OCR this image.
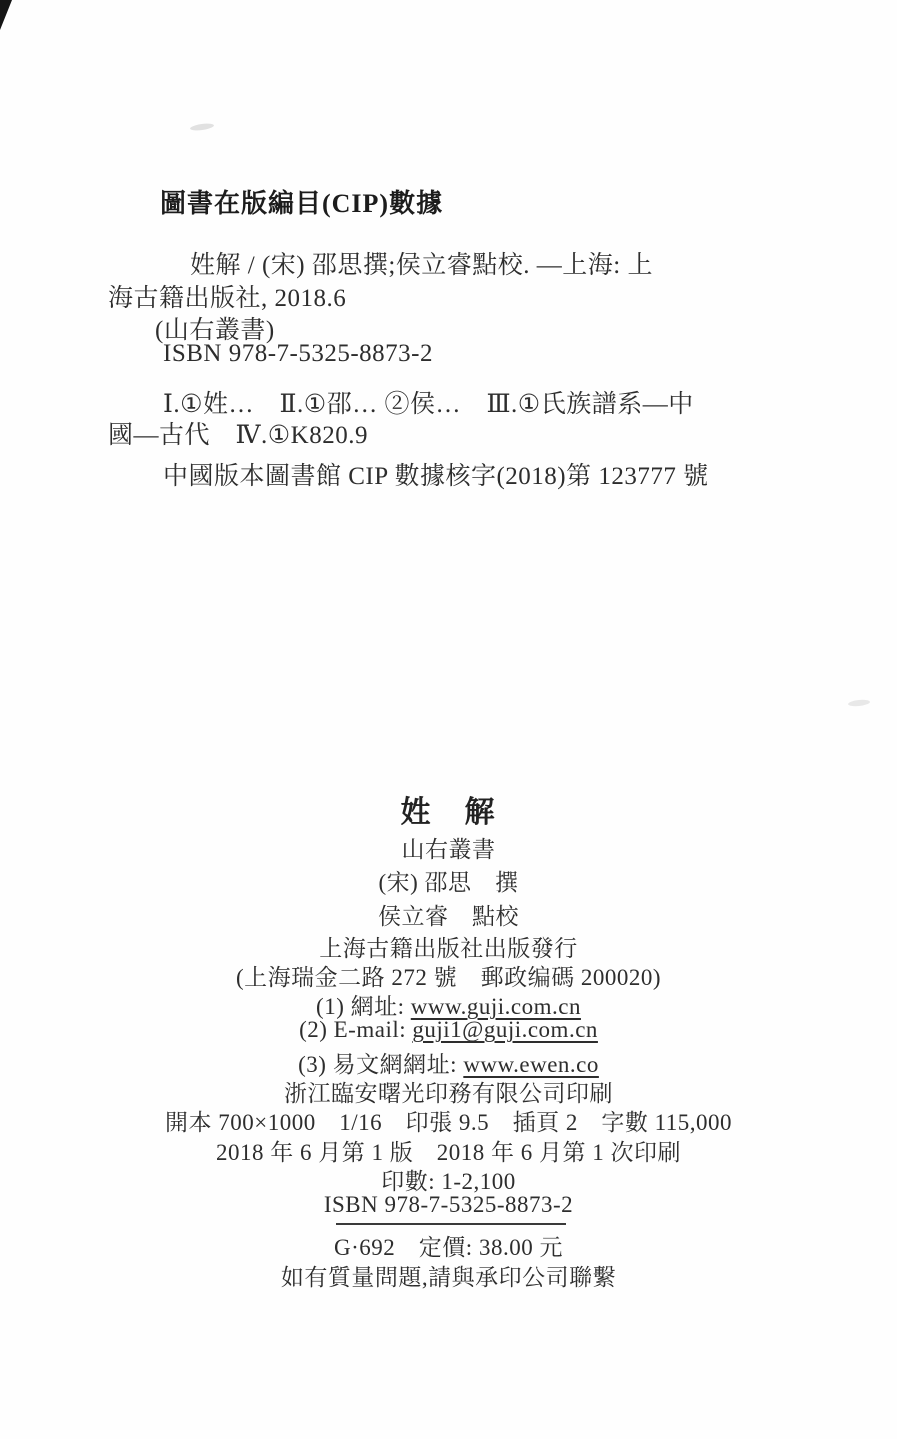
圖書在版編目(CIP)數據
姓解 / (宋) 邵思撰;侯立睿點校. —上海: 上
海古籍出版社, 2018.6
(山右叢書)
ISBN 978-7-5325-8873-2
Ⅰ.①姓…　Ⅱ.①邵… ②侯…　Ⅲ.①氏族譜系—中
國—古代　Ⅳ.①K820.9
中國版本圖書館 CIP 數據核字(2018)第 123777 號
姓　解
山右叢書
(宋) 邵思　撰
侯立睿　點校
上海古籍出版社出版發行
(上海瑞金二路 272 號　郵政编碼 200020)
(1) 網址: www.guji.com.cn
(2) E-mail: guji1@guji.com.cn
(3) 易文網網址: www.ewen.co
浙江臨安曙光印務有限公司印刷
開本 700×1000　1/16　印張 9.5　插頁 2　字數 115,000
2018 年 6 月第 1 版　2018 年 6 月第 1 次印刷
印數: 1-2,100
ISBN 978-7-5325-8873-2
G·692　定價: 38.00 元
如有質量問題,請與承印公司聯繫
